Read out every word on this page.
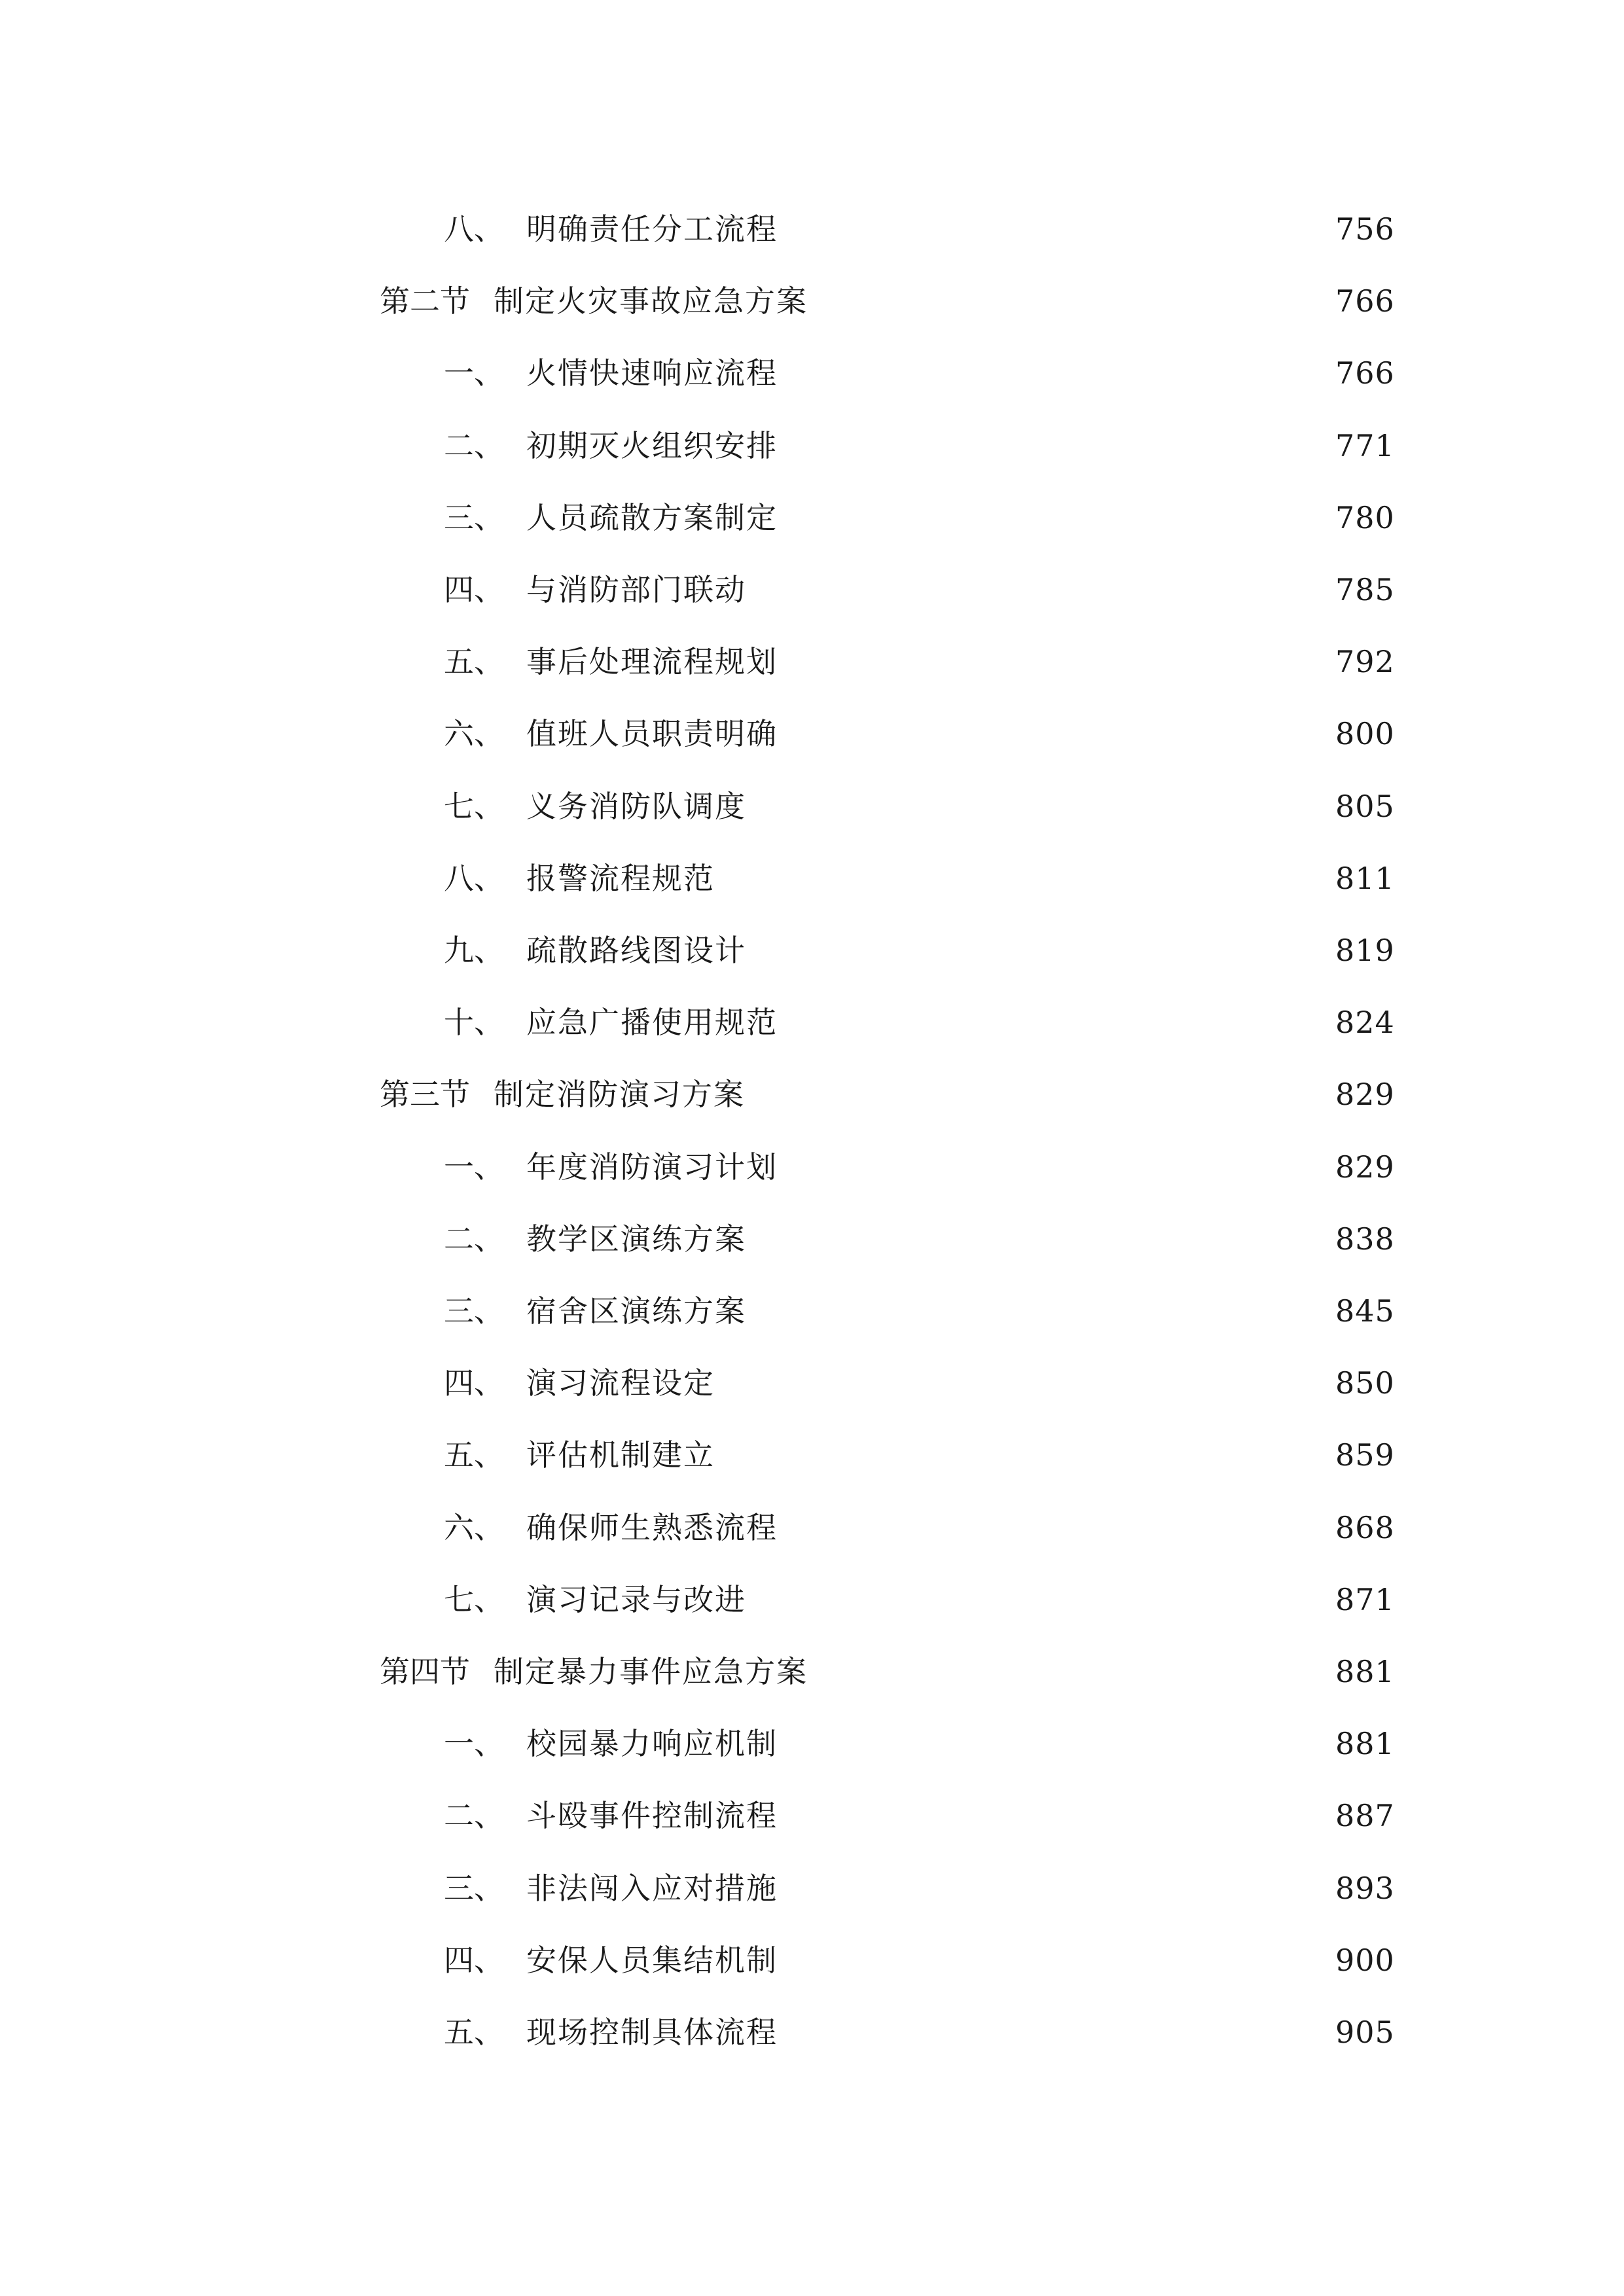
八、 明确责任分工流程	756
第二节 制定火灾事故应急方案	766
一、 火情快速响应流程	766
二、 初期灭火组织安排	771
三、 人员疏散方案制定	780
四、 与消防部门联动	785
五、 事后处理流程规划	792
六、 值班人员职责明确	800
七、 义务消防队调度	805
八、 报警流程规范	811
九、 疏散路线图设计	819
十、 应急广播使用规范	824
第三节 制定消防演习方案	829
一、 年度消防演习计划	829
二、 教学区演练方案	838
三、 宿舍区演练方案	845
四、 演习流程设定	850
五、 评估机制建立	859
六、 确保师生熟悉流程	868
七、 演习记录与改进	871
第四节 制定暴力事件应急方案	881
一、 校园暴力响应机制	881
二、 斗殴事件控制流程	887
三、 非法闯入应对措施	893
四、 安保人员集结机制	900
五、 现场控制具体流程	905
